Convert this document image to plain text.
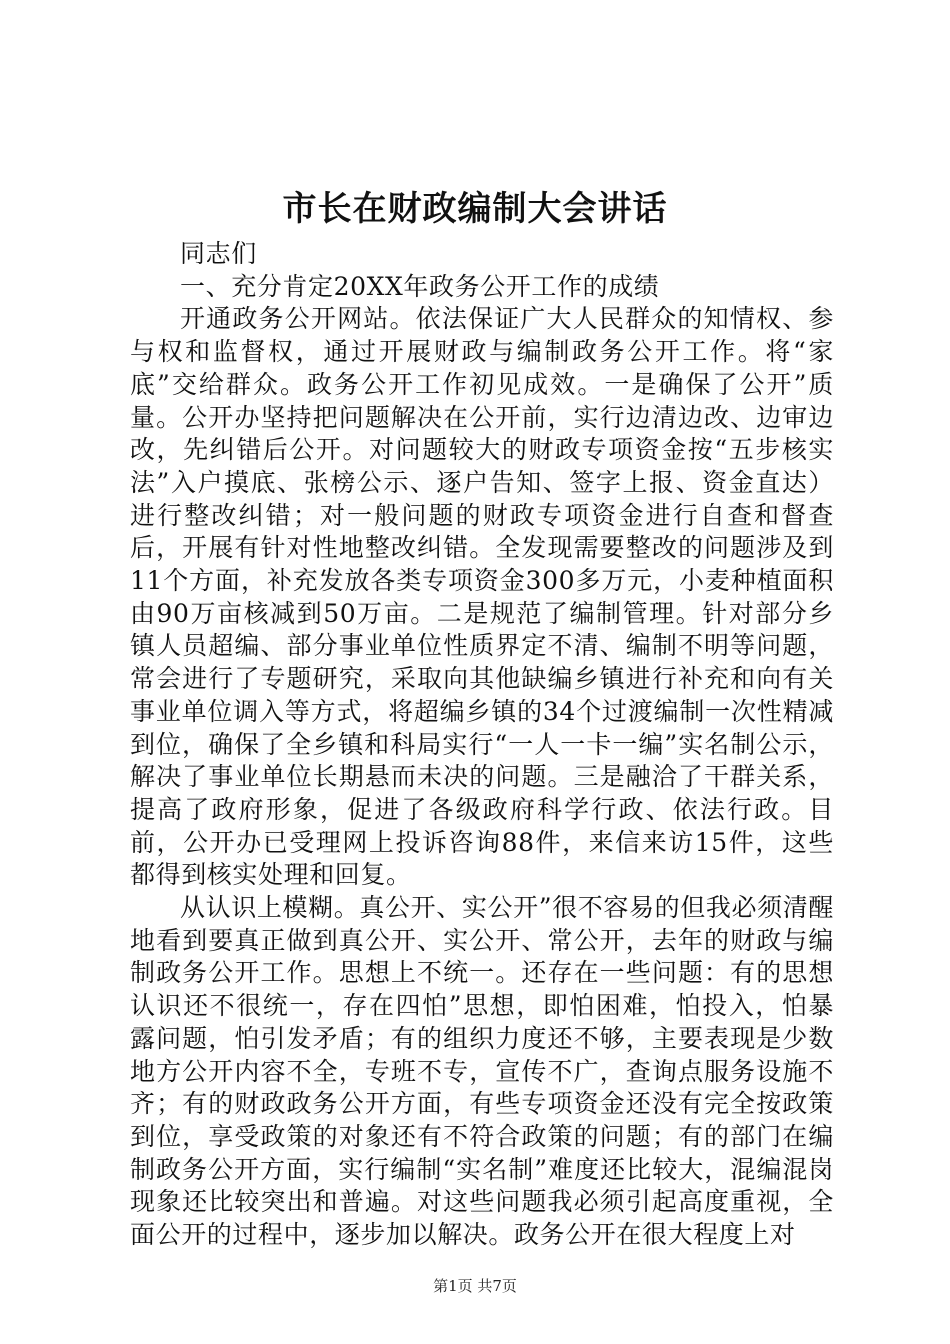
市长在财政编制大会讲话

同志们

一、充分肯定20XX年政务公开工作的成绩

开通政务公开网站。依法保证广大人民群众的知情权、参与权和监督权，通过开展财政与编制政务公开工作。将“家底”交给群众。政务公开工作初见成效。一是确保了公开”质量。公开办坚持把问题解决在公开前，实行边清边改、边审边改，先纠错后公开。对问题较大的财政专项资金按“五步核实法”入户摸底、张榜公示、逐户告知、签字上报、资金直达）进行整改纠错；对一般问题的财政专项资金进行自查和督查后，开展有针对性地整改纠错。全发现需要整改的问题涉及到11个方面，补充发放各类专项资金300多万元，小麦种植面积由90万亩核减到50万亩。二是规范了编制管理。针对部分乡镇人员超编、部分事业单位性质界定不清、编制不明等问题，常会进行了专题研究，采取向其他缺编乡镇进行补充和向有关事业单位调入等方式，将超编乡镇的34个过渡编制一次性精减到位，确保了全乡镇和科局实行“一人一卡一编”实名制公示，解决了事业单位长期悬而未决的问题。三是融洽了干群关系，提高了政府形象，促进了各级政府科学行政、依法行政。目前，公开办已受理网上投诉咨询88件，来信来访15件，这些都得到核实处理和回复。

从认识上模糊。真公开、实公开”很不容易的但我必须清醒地看到要真正做到真公开、实公开、常公开，去年的财政与编制政务公开工作。思想上不统一。还存在一些问题：有的思想认识还不很统一，存在四怕”思想，即怕困难，怕投入，怕暴露问题，怕引发矛盾；有的组织力度还不够，主要表现是少数地方公开内容不全，专班不专，宣传不广，查询点服务设施不齐；有的财政政务公开方面，有些专项资金还没有完全按政策到位，享受政策的对象还有不符合政策的问题；有的部门在编制政务公开方面，实行编制“实名制”难度还比较大，混编混岗现象还比较突出和普遍。对这些问题我必须引起高度重视，全面公开的过程中，逐步加以解决。政务公开在很大程度上对

第1页 共7页
